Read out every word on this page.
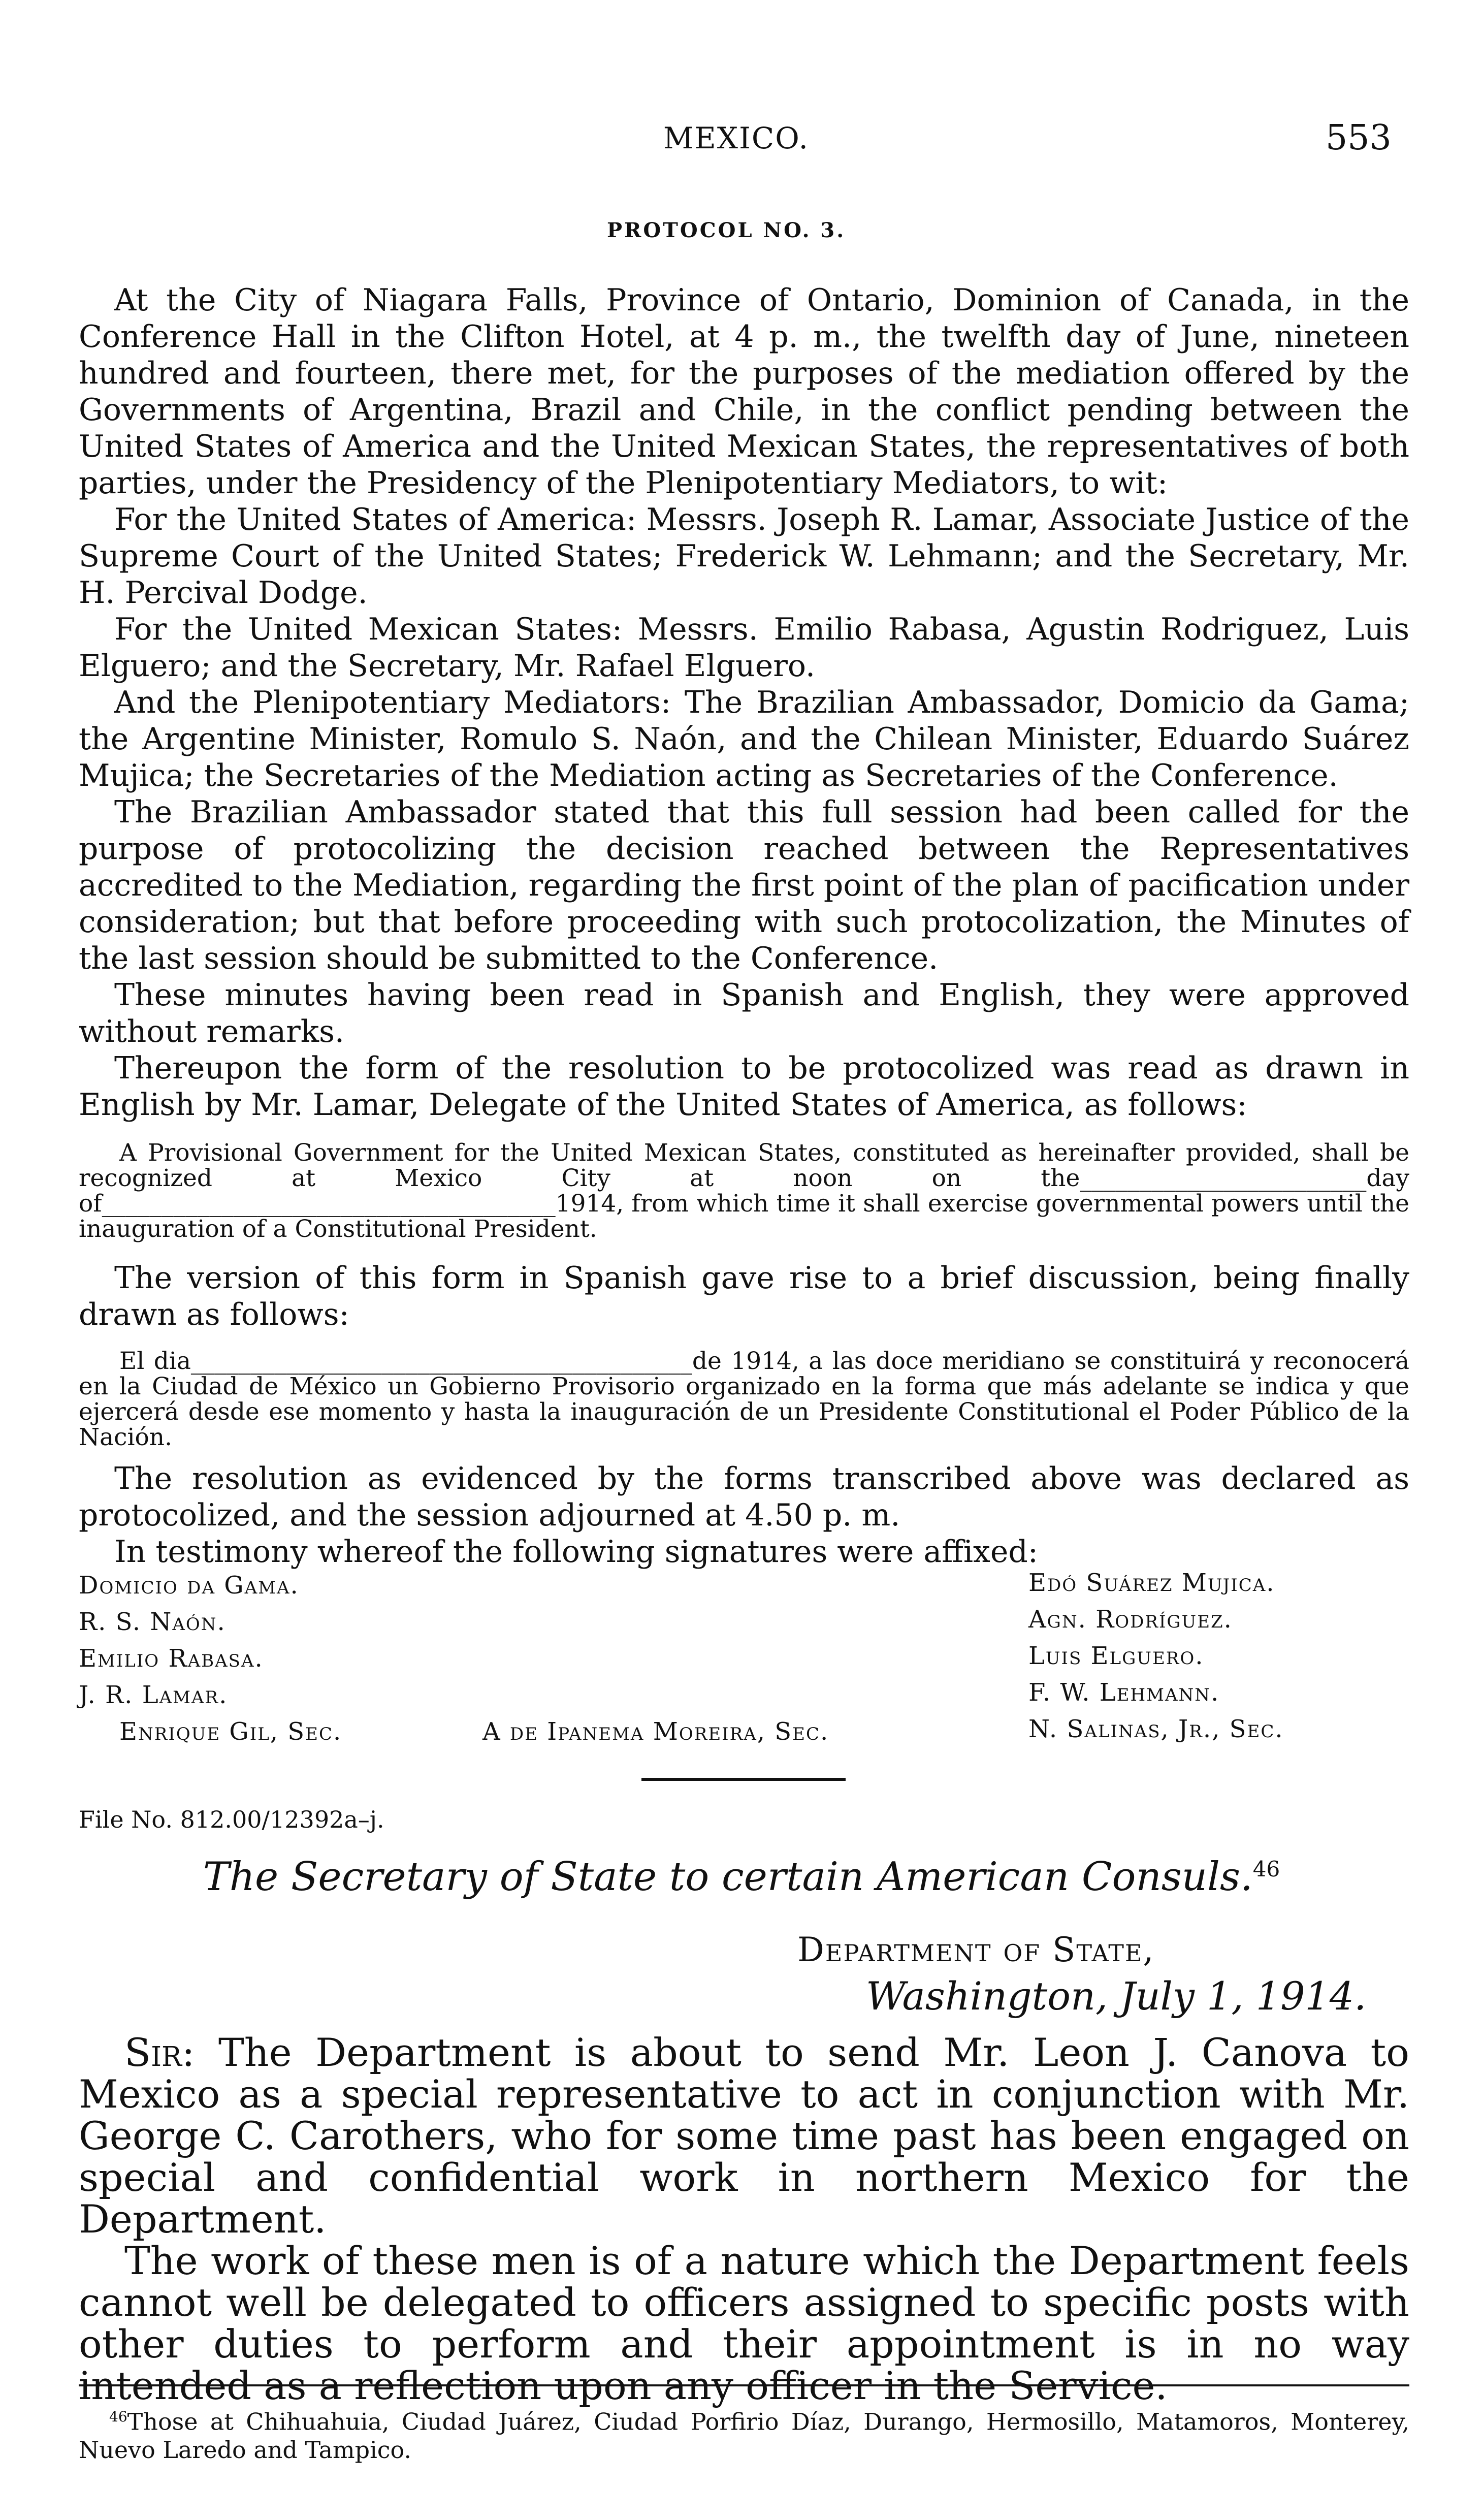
MEXICO.	553
PROTOCOL NO. 3.

At the City of Niagara Falls, Province of Ontario, Dominion of Canada, in the Conference Hall in the Clifton Hotel, at 4 p. m., the twelfth day of June, nineteen hundred and fourteen, there met, for the purposes of the mediation offered by the Governments of Argentina, Brazil and Chile, in the conflict pending between the United States of America and the United Mexican States, the representatives of both parties, under the Presidency of the Plenipotentiary Mediators, to wit:

For the United States of America: Messrs. Joseph R. Lamar, Associate Justice of the Supreme Court of the United States; Frederick W. Lehmann; and the Secretary, Mr. H. Percival Dodge.

For the United Mexican States: Messrs. Emilio Rabasa, Agustin Rodriguez, Luis Elguero; and the Secretary, Mr. Rafael Elguero.

And the Plenipotentiary Mediators: The Brazilian Ambassador, Domicio da Gama; the Argentine Minister, Romulo S. Naón, and the Chilean Minister, Eduardo Suárez Mujica; the Secretaries of the Mediation acting as Secretaries of the Conference.

The Brazilian Ambassador stated that this full session had been called for the purpose of protocolizing the decision reached between the Representatives accredited to the Mediation, regarding the first point of the plan of pacification under consideration; but that before proceeding with such protocolization, the Minutes of the last session should be submitted to the Conference.

These minutes having been read in Spanish and English, they were approved without remarks.

Thereupon the form of the resolution to be protocolized was read as drawn in English by Mr. Lamar, Delegate of the United States of America, as follows:

A Provisional Government for the United Mexican States, constituted as hereinafter provided, shall be recognized at Mexico City at noon on the________________________day of______________________________________1914, from which time it shall exercise governmental powers until the inauguration of a Constitutional President.

The version of this form in Spanish gave rise to a brief discussion, being finally drawn as follows:

El dia__________________________________________de 1914, a las doce meridiano se constituirá y reconocerá en la Ciudad de México un Gobierno Provisorio organizado en la forma que más adelante se indica y que ejercerá desde ese momento y hasta la inauguración de un Presidente Constitutional el Poder Público de la Nación.

The resolution as evidenced by the forms transcribed above was declared as protocolized, and the session adjourned at 4.50 p. m.

In testimony whereof the following signatures were affixed:

Domicio da Gama.
R. S. Naón.
Emilio Rabasa.
J. R. Lamar.
Enrique Gil, Sec.	A de Ipanema Moreira, Sec.
Edó Suárez Mujica.
Agn. Rodríguez.
Luis Elguero.
F. W. Lehmann.
N. Salinas, Jr., Sec.
File No. 812.00/12392a–j.
The Secretary of State to certain American Consuls.$^{46}$
Department of State,
Washington, July 1, 1914.

Sir: The Department is about to send Mr. Leon J. Canova to Mexico as a special representative to act in conjunction with Mr. George C. Carothers, who for some time past has been engaged on special and confidential work in northern Mexico for the Department.

The work of these men is of a nature which the Department feels cannot well be delegated to officers assigned to specific posts with other duties to perform and their appointment is in no way intended as a reflection upon any officer in the Service.

$^{46}$Those at Chihuahuia, Ciudad Juárez, Ciudad Porfirio Díaz, Durango, Hermosillo, Matamoros, Monterey, Nuevo Laredo and Tampico.
